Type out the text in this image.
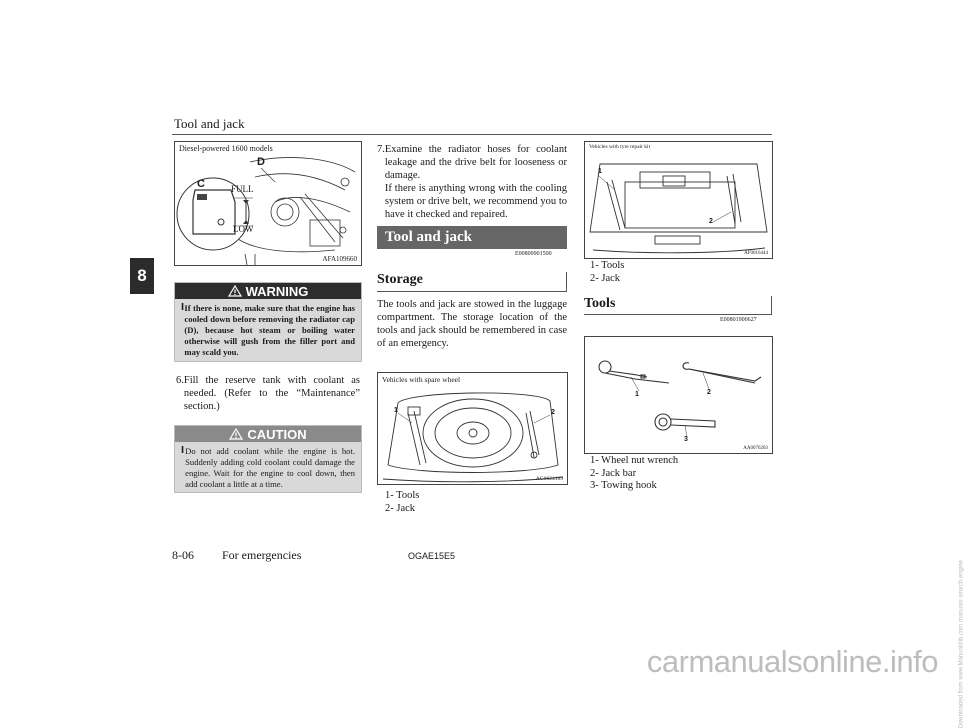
Tool and jack
8
Diesel-powered 1600 models
C
D
FULL
LOW
AFA109660
WARNING
l If there is none, make sure that the engine has cooled down before removing the radiator cap (D), because hot steam or boiling water otherwise will gush from the filler port and may scald you.
6. Fill the reserve tank with coolant as needed. (Refer to the “Maintenance” section.)
CAUTION
l Do not add coolant while the engine is hot. Suddenly adding cold coolant could damage the engine. Wait for the engine to cool down, then add coolant a little at a time.
7. Examine the radiator hoses for coolant leakage and the drive belt for looseness or damage.
If there is anything wrong with the cooling system or drive belt, we recommend you to have it checked and repaired.
Tool and jack
E00800901500
Storage
The tools and jack are stowed in the luggage compartment. The storage location of the tools and jack should be remembered in case of an emergency.
Vehicles with spare wheel
1	2
AG0024169
1- Tools
2- Jack
Vehicles with tyre repair kit
1
2
AF0016444
1- Tools
2- Jack
Tools
E00801900627
1	2
3
AA0076203
1- Wheel nut wrench
2- Jack bar
3- Towing hook
8-06 For emergencies	OGAE15E5
carmanualsonline.info	Downloaded from www.Manualslib.com manuals search engine
